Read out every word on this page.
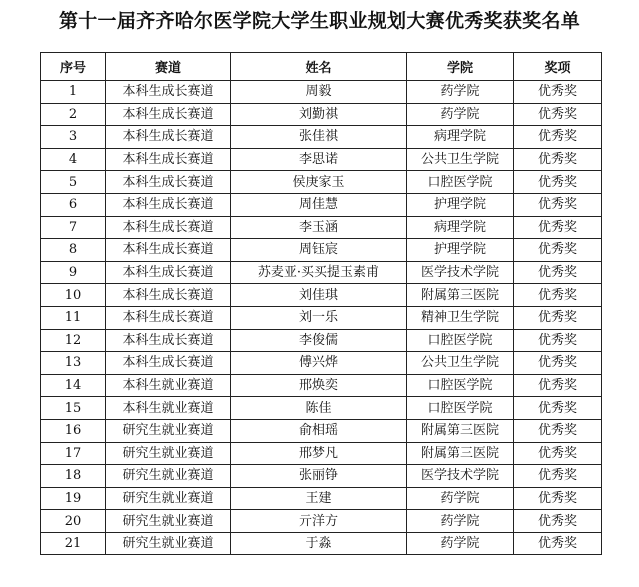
第十一届齐齐哈尔医学院大学生职业规划大赛优秀奖获奖名单
序号	赛道	姓名	学院	奖项
1	本科生成长赛道	周毅	药学院	优秀奖
2	本科生成长赛道	刘勤祺	药学院	优秀奖
3	本科生成长赛道	张佳祺	病理学院	优秀奖
4	本科生成长赛道	李思诺	公共卫生学院	优秀奖
5	本科生成长赛道	侯庚家玉	口腔医学院	优秀奖
6	本科生成长赛道	周佳慧	护理学院	优秀奖
7	本科生成长赛道	李玉涵	病理学院	优秀奖
8	本科生成长赛道	周钰宸	护理学院	优秀奖
9	本科生成长赛道	苏麦亚·买买提玉素甫	医学技术学院	优秀奖
10	本科生成长赛道	刘佳琪	附属第三医院	优秀奖
11	本科生成长赛道	刘一乐	精神卫生学院	优秀奖
12	本科生成长赛道	李俊儒	口腔医学院	优秀奖
13	本科生成长赛道	傅兴烨	公共卫生学院	优秀奖
14	本科生就业赛道	邢焕奕	口腔医学院	优秀奖
15	本科生就业赛道	陈佳	口腔医学院	优秀奖
16	研究生就业赛道	俞相瑶	附属第三医院	优秀奖
17	研究生就业赛道	邢梦凡	附属第三医院	优秀奖
18	研究生就业赛道	张丽铮	医学技术学院	优秀奖
19	研究生就业赛道	王建	药学院	优秀奖
20	研究生就业赛道	亓洋方	药学院	优秀奖
21	研究生就业赛道	于淼	药学院	优秀奖
